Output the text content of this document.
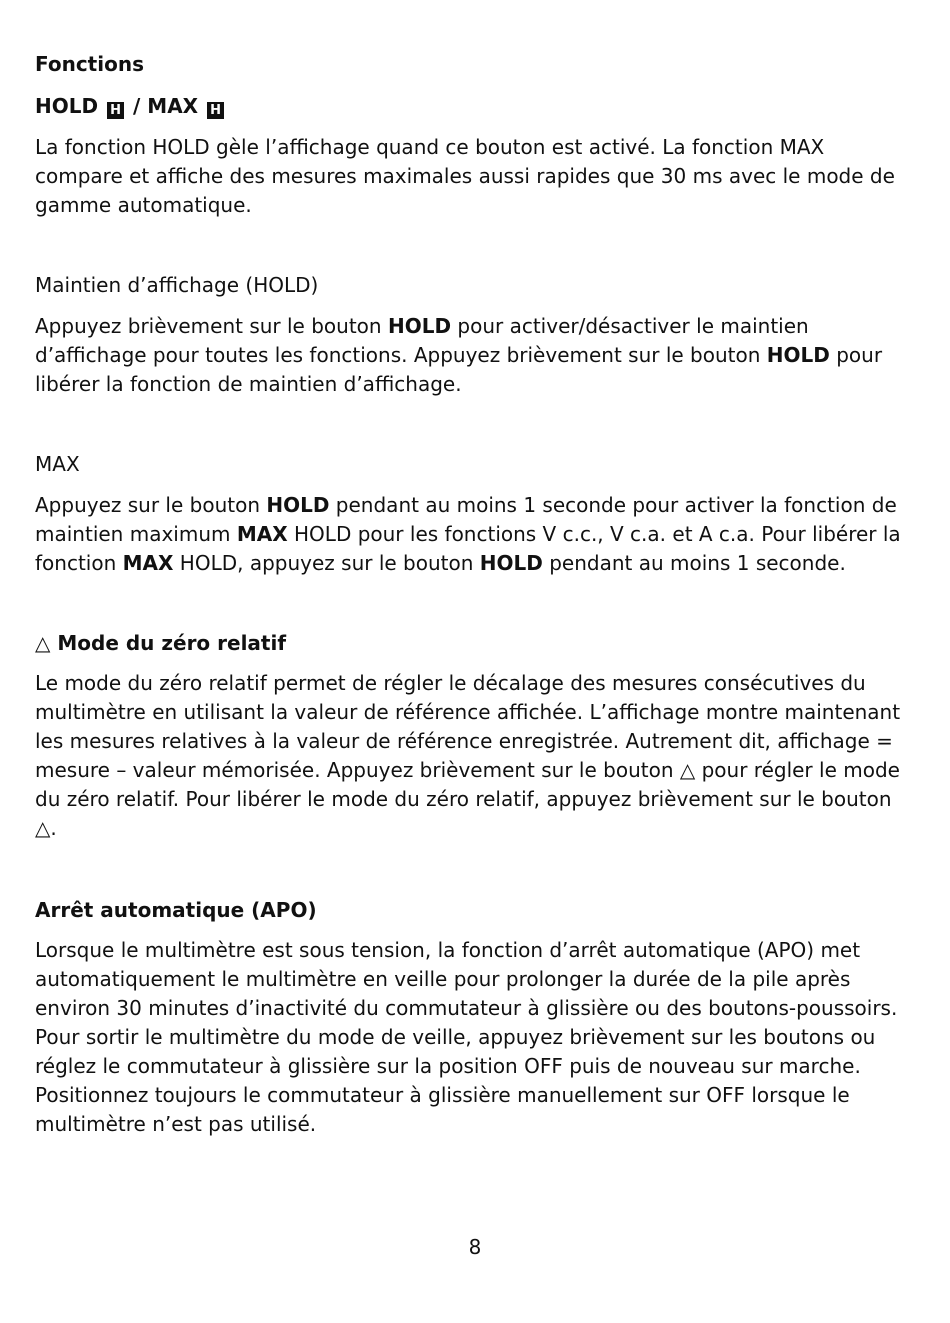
Fonctions

HOLD H / MAX H

La fonction HOLD gèle l’affichage quand ce bouton est activé. La fonction MAX compare et affiche des mesures maximales aussi rapides que 30 ms avec le mode de gamme automatique.

Maintien d’affichage (HOLD)

Appuyez brièvement sur le bouton HOLD pour activer/désactiver le maintien d’affichage pour toutes les fonctions. Appuyez brièvement sur le bouton HOLD pour libérer la fonction de maintien d’affichage.

MAX

Appuyez sur le bouton HOLD pendant au moins 1 seconde pour activer la fonction de maintien maximum MAX HOLD pour les fonctions V c.c., V c.a. et A c.a. Pour libérer la fonction MAX HOLD, appuyez sur le bouton HOLD pendant au moins 1 seconde.

△ Mode du zéro relatif

Le mode du zéro relatif permet de régler le décalage des mesures consécutives du multimètre en utilisant la valeur de référence affichée. L’affichage montre maintenant les mesures relatives à la valeur de référence enregistrée. Autrement dit, affichage = mesure – valeur mémorisée. Appuyez brièvement sur le bouton △ pour régler le mode du zéro relatif. Pour libérer le mode du zéro relatif, appuyez brièvement sur le bouton △.

Arrêt automatique (APO)

Lorsque le multimètre est sous tension, la fonction d’arrêt automatique (APO) met automatiquement le multimètre en veille pour prolonger la durée de la pile après environ 30 minutes d’inactivité du commutateur à glissière ou des boutons-poussoirs. Pour sortir le multimètre du mode de veille, appuyez brièvement sur les boutons ou réglez le commutateur à glissière sur la position OFF puis de nouveau sur marche. Positionnez toujours le commutateur à glissière manuellement sur OFF lorsque le multimètre n’est pas utilisé.

8
